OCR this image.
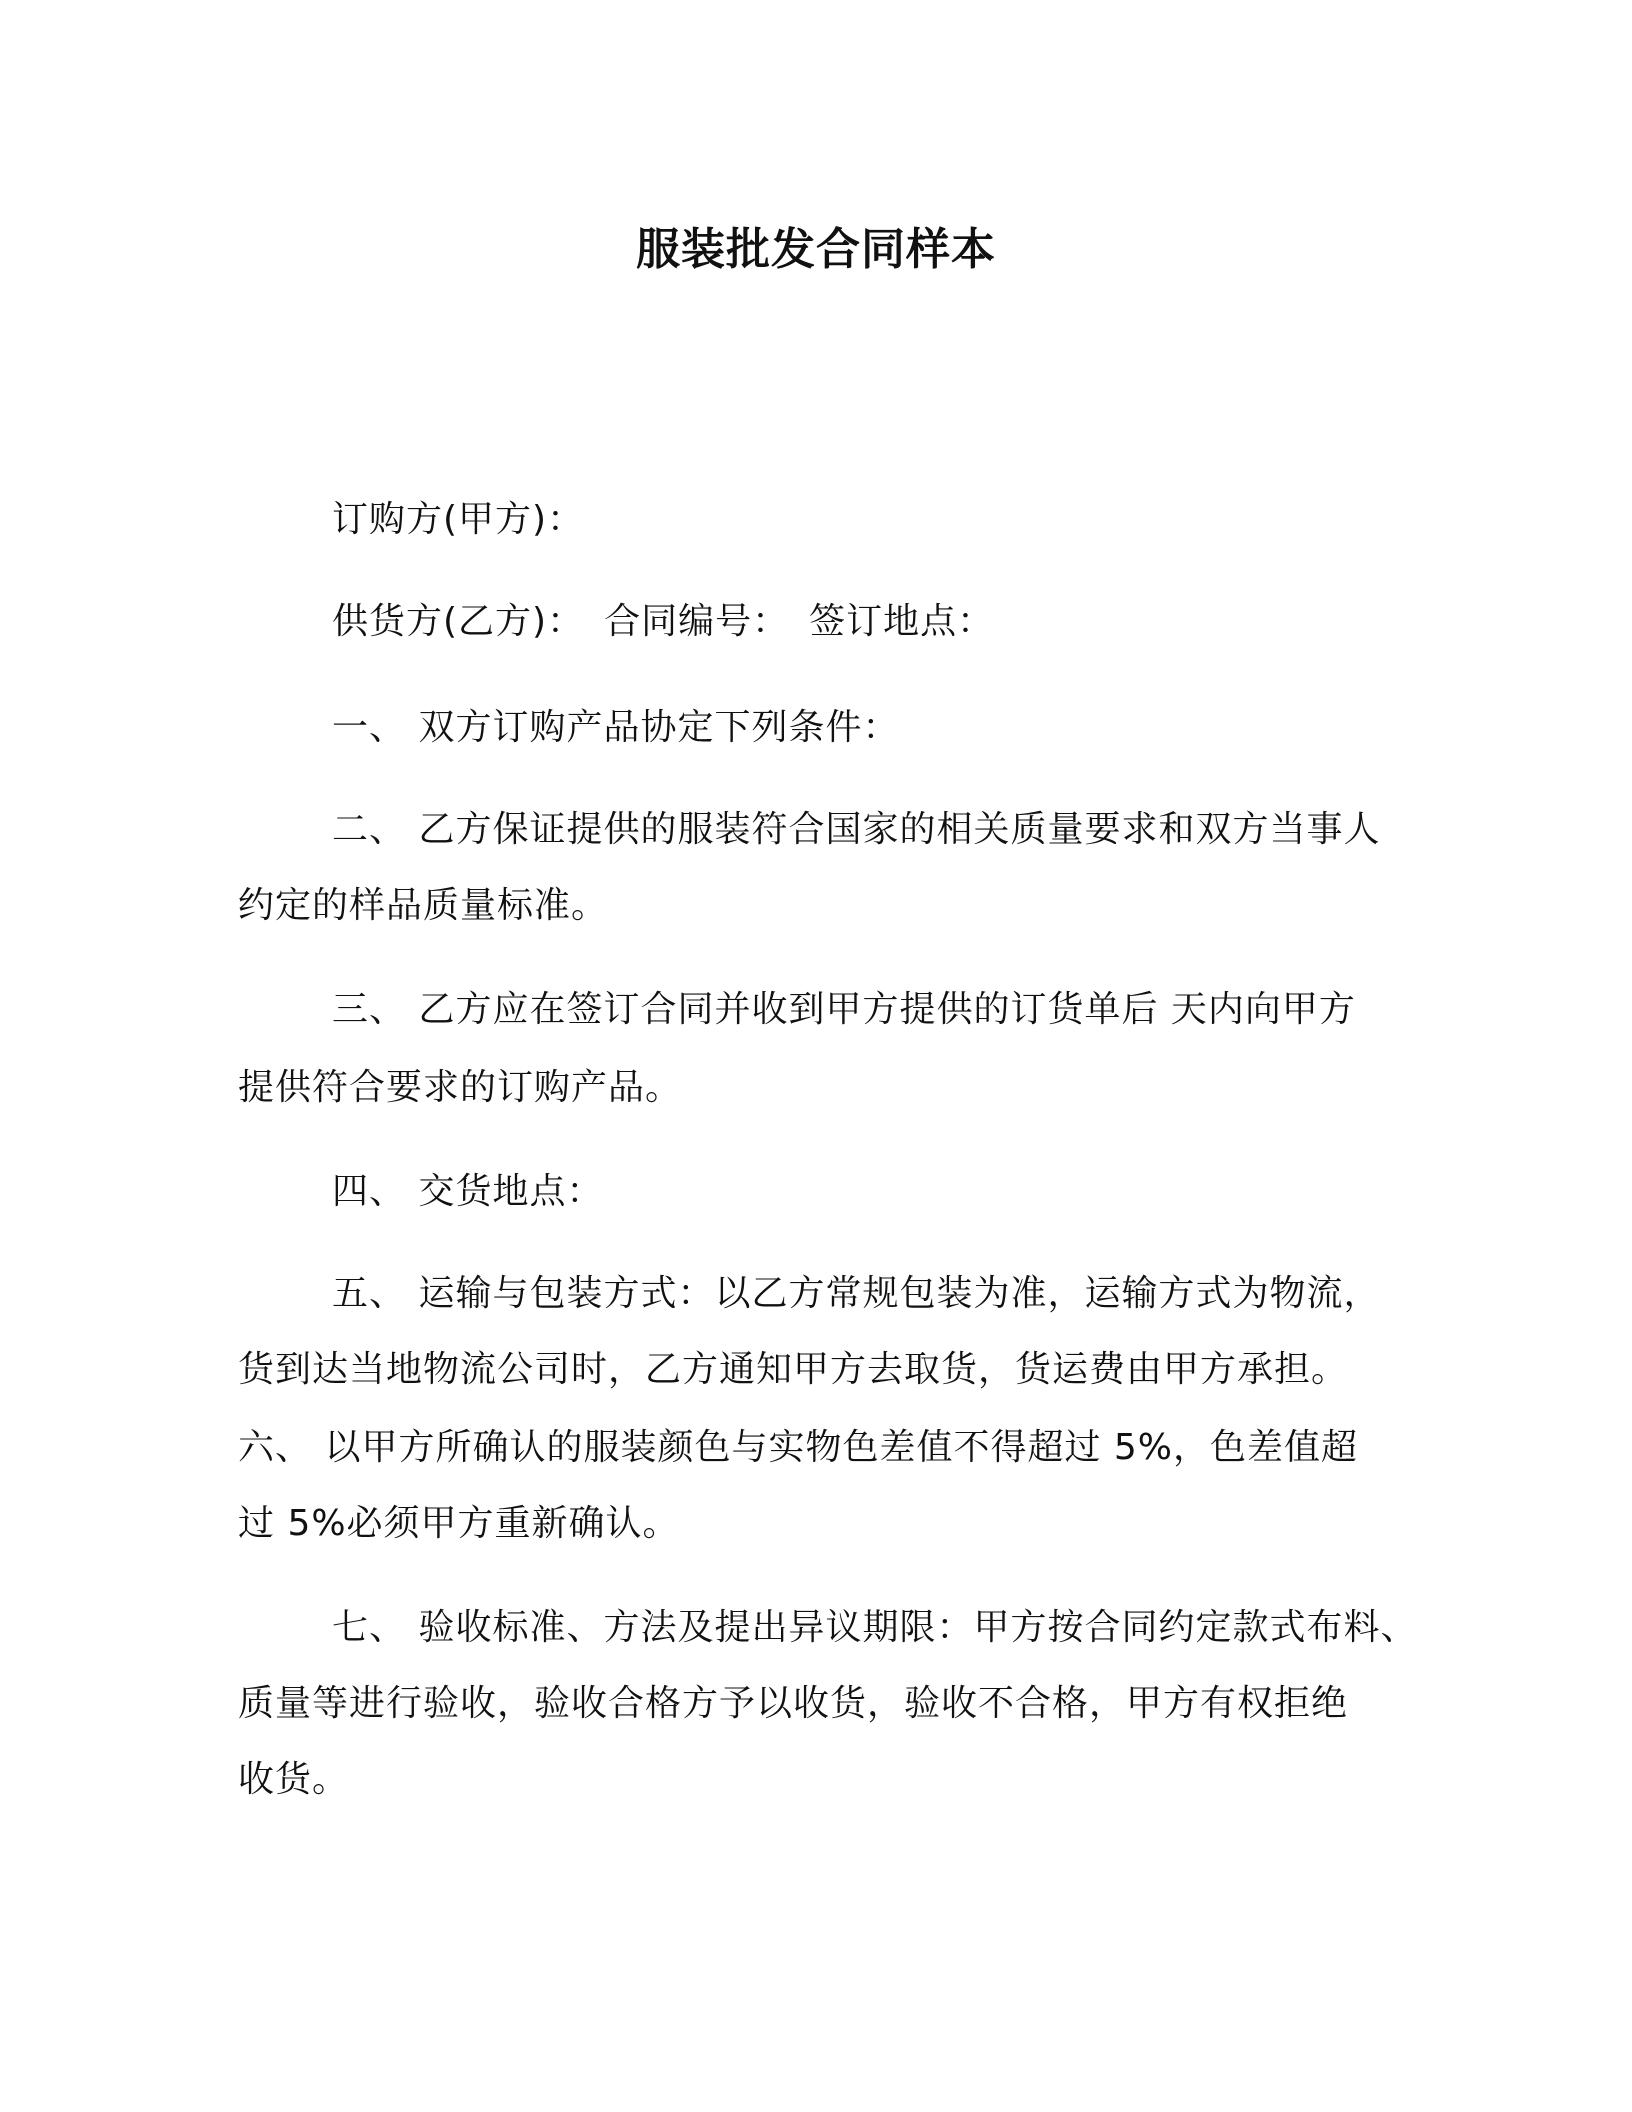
服装批发合同样本
订购方(甲方)：
供货方(乙方)： 合同编号： 签订地点：
一、 双方订购产品协定下列条件：
二、 乙方保证提供的服装符合国家的相关质量要求和双方当事人
约定的样品质量标准。
三、 乙方应在签订合同并收到甲方提供的订货单后 天内向甲方
提供符合要求的订购产品。
四、 交货地点：
五、 运输与包装方式：以乙方常规包装为准，运输方式为物流，
货到达当地物流公司时，乙方通知甲方去取货，货运费由甲方承担。
六、 以甲方所确认的服装颜色与实物色差值不得超过 5%，色差值超
过 5%必须甲方重新确认。
七、 验收标准、方法及提出异议期限：甲方按合同约定款式布料、
质量等进行验收，验收合格方予以收货，验收不合格，甲方有权拒绝
收货。
